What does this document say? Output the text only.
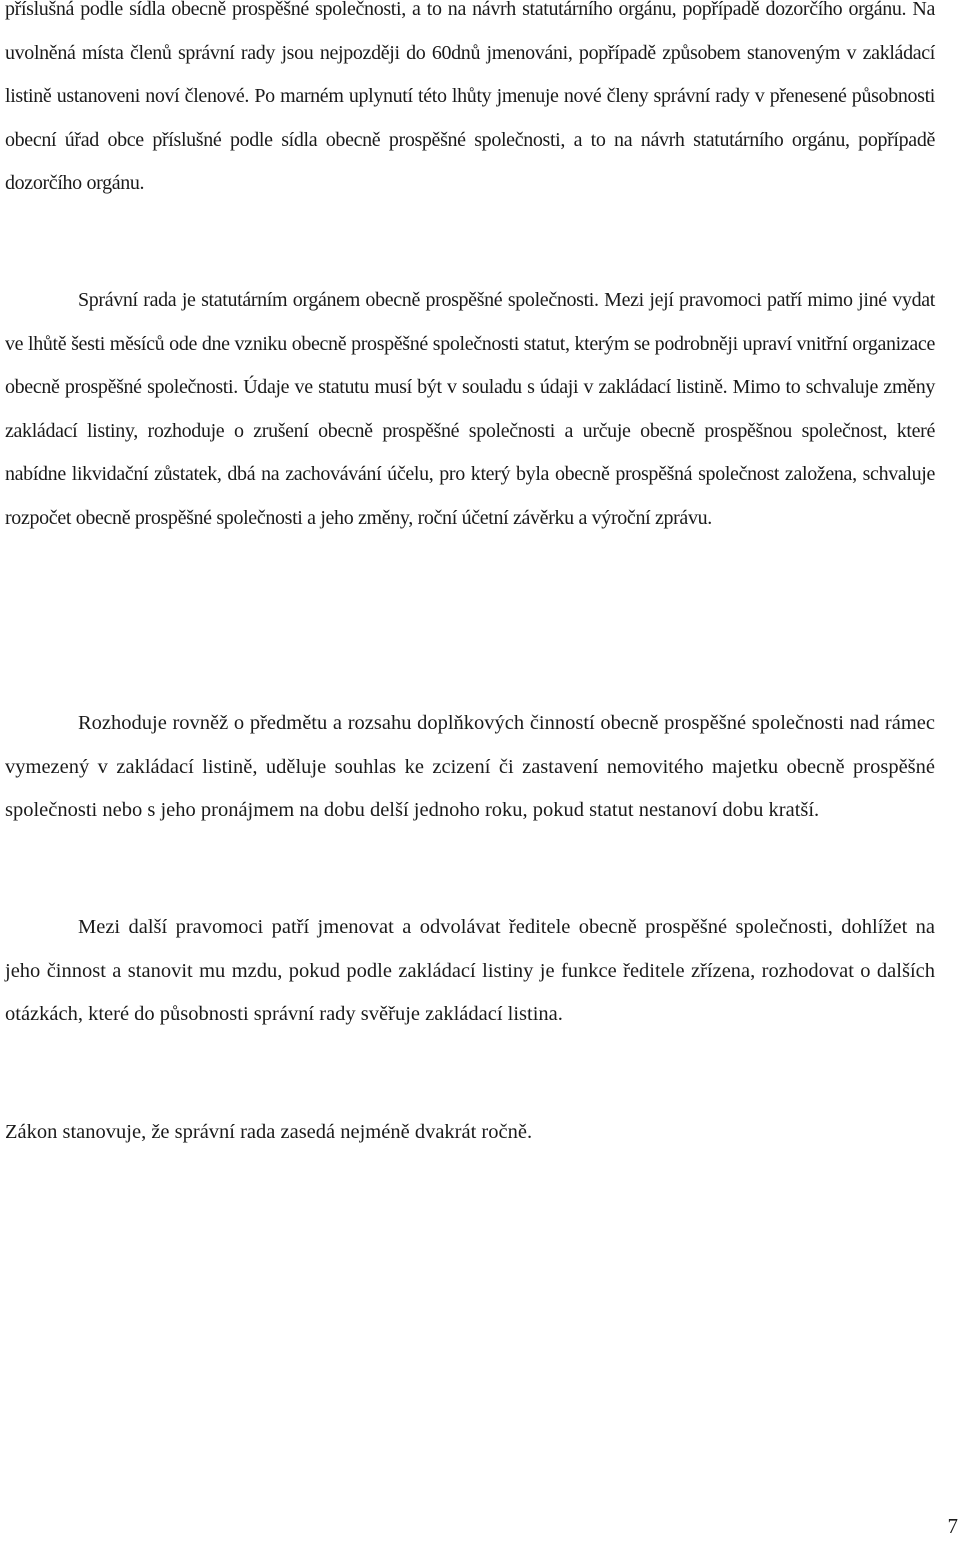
příslušná podle sídla obecně prospěšné společnosti, a to na návrh statutárního orgánu, popřípadě dozorčího orgánu. Na uvolněná místa členů správní rady jsou nejpozději do 60dnů jmenováni, popřípadě způsobem stanoveným v zakládací listině ustanoveni noví členové. Po marném uplynutí této lhůty jmenuje nové členy správní rady v přenesené působnosti obecní úřad obce příslušné podle sídla obecně prospěšné společnosti, a to na návrh statutárního orgánu, popřípadě dozorčího orgánu.

Správní rada je statutárním orgánem obecně prospěšné společnosti. Mezi její pravomoci patří mimo jiné vydat ve lhůtě šesti měsíců ode dne vzniku obecně prospěšné společnosti statut, kterým se podrobněji upraví vnitřní organizace obecně prospěšné společnosti. Údaje ve statutu musí být v souladu s údaji v zakládací listině. Mimo to schvaluje změny zakládací listiny, rozhoduje o zrušení obecně prospěšné společnosti a určuje obecně prospěšnou společnost, které nabídne likvidační zůstatek, dbá na zachovávání účelu, pro který byla obecně prospěšná společnost založena, schvaluje rozpočet obecně prospěšné společnosti a jeho změny, roční účetní závěrku a výroční zprávu.

Rozhoduje rovněž o předmětu a rozsahu doplňkových činností obecně prospěšné společnosti nad rámec vymezený v zakládací listině, uděluje souhlas ke zcizení či zastavení nemovitého majetku obecně prospěšné společnosti nebo s jeho pronájmem na dobu delší jednoho roku, pokud statut nestanoví dobu kratší.

Mezi další pravomoci patří jmenovat a odvolávat ředitele obecně prospěšné společnosti, dohlížet na jeho činnost a stanovit mu mzdu, pokud podle zakládací listiny je funkce ředitele zřízena, rozhodovat o dalších otázkách, které do působnosti správní rady svěřuje zakládací listina.

Zákon stanovuje, že správní rada zasedá nejméně dvakrát ročně.

7
